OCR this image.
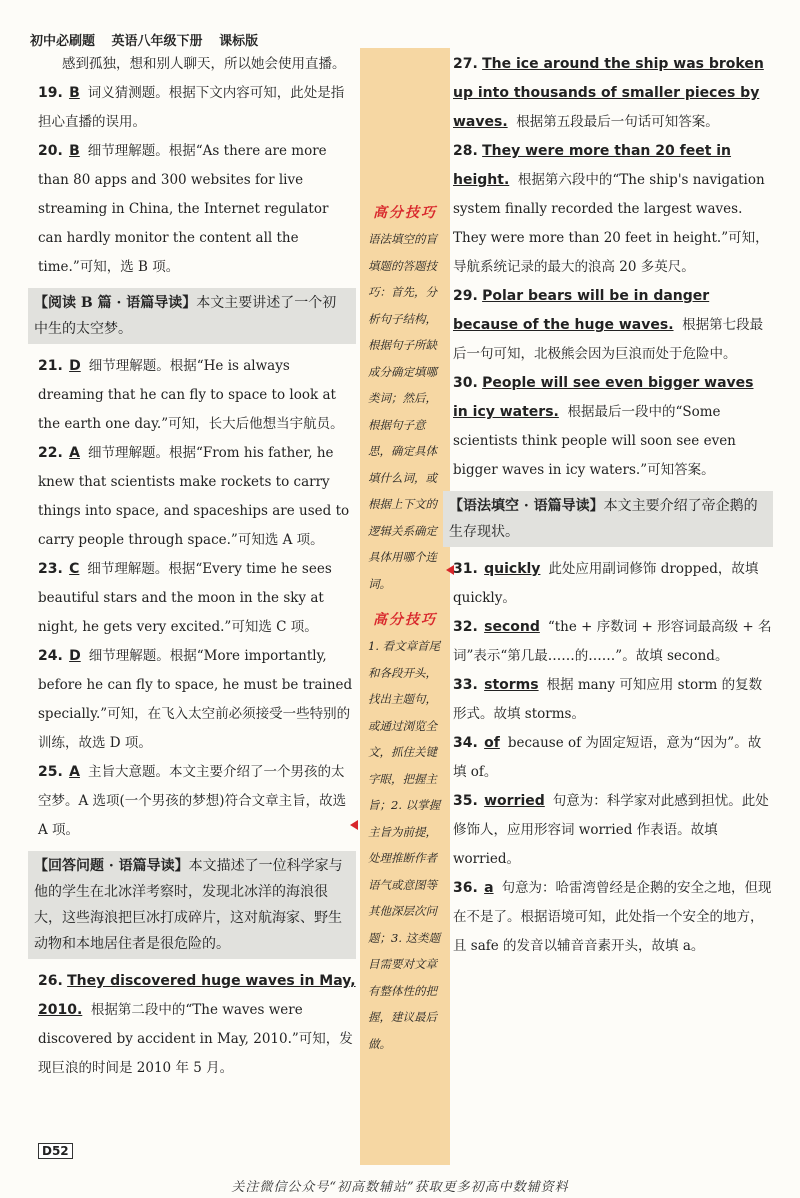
初中必刷题 英语八年级下册 课标版
感到孤独，想和别人聊天，所以她会使用直播。
19. B 词义猜测题。根据下文内容可知，此处是指担心直播的误用。
20. B 细节理解题。根据“As there are more than 80 apps and 300 websites for live streaming in China, the Internet regulator can hardly monitor the content all the time.”可知，选 B 项。
【阅读 B 篇 · 语篇导读】本文主要讲述了一个初中生的太空梦。
21. D 细节理解题。根据“He is always dreaming that he can fly to space to look at the earth one day.”可知，长大后他想当宇航员。
22. A 细节理解题。根据“From his father, he knew that scientists make rockets to carry things into space, and spaceships are used to carry people through space.”可知选 A 项。
23. C 细节理解题。根据“Every time he sees beautiful stars and the moon in the sky at night, he gets very excited.”可知选 C 项。
24. D 细节理解题。根据“More importantly, before he can fly to space, he must be trained specially.”可知，在飞入太空前必须接受一些特别的训练，故选 D 项。
25. A 主旨大意题。本文主要介绍了一个男孩的太空梦。A 选项(一个男孩的梦想)符合文章主旨，故选 A 项。
【回答问题 · 语篇导读】本文描述了一位科学家与他的学生在北冰洋考察时，发现北冰洋的海浪很大，这些海浪把巨冰打成碎片，这对航海家、野生动物和本地居住者是很危险的。
26. They discovered huge waves in May, 2010. 根据第二段中的“The waves were discovered by accident in May, 2010.”可知，发现巨浪的时间是 2010 年 5 月。
高分技巧
语法填空的盲填题的答题技巧：首先，分析句子结构，根据句子所缺成分确定填哪类词；然后，根据句子意思，确定具体填什么词，或根据上下文的逻辑关系确定具体用哪个连词。
高分技巧
1. 看文章首尾和各段开头，找出主题句，或通过浏览全文，抓住关键字眼，把握主旨；2. 以掌握主旨为前提，处理推断作者语气或意图等其他深层次问题；3. 这类题目需要对文章有整体性的把握，建议最后做。
27. The ice around the ship was broken up into thousands of smaller pieces by waves. 根据第五段最后一句话可知答案。
28. They were more than 20 feet in height. 根据第六段中的“The ship's navigation system finally recorded the largest waves. They were more than 20 feet in height.”可知，导航系统记录的最大的浪高 20 多英尺。
29. Polar bears will be in danger because of the huge waves. 根据第七段最后一句可知，北极熊会因为巨浪而处于危险中。
30. People will see even bigger waves in icy waters. 根据最后一段中的“Some scientists think people will soon see even bigger waves in icy waters.”可知答案。
【语法填空 · 语篇导读】本文主要介绍了帝企鹅的生存现状。
31. quickly 此处应用副词修饰 dropped，故填 quickly。
32. second “the + 序数词 + 形容词最高级 + 名词”表示“第几最……的……”。故填 second。
33. storms 根据 many 可知应用 storm 的复数形式。故填 storms。
34. of because of 为固定短语，意为“因为”。故填 of。
35. worried 句意为：科学家对此感到担忧。此处修饰人，应用形容词 worried 作表语。故填 worried。
36. a 句意为：哈雷湾曾经是企鹅的安全之地，但现在不是了。根据语境可知，此处指一个安全的地方，且 safe 的发音以辅音音素开头，故填 a。
D52
关注微信公众号“初高数辅站”获取更多初高中数辅资料
